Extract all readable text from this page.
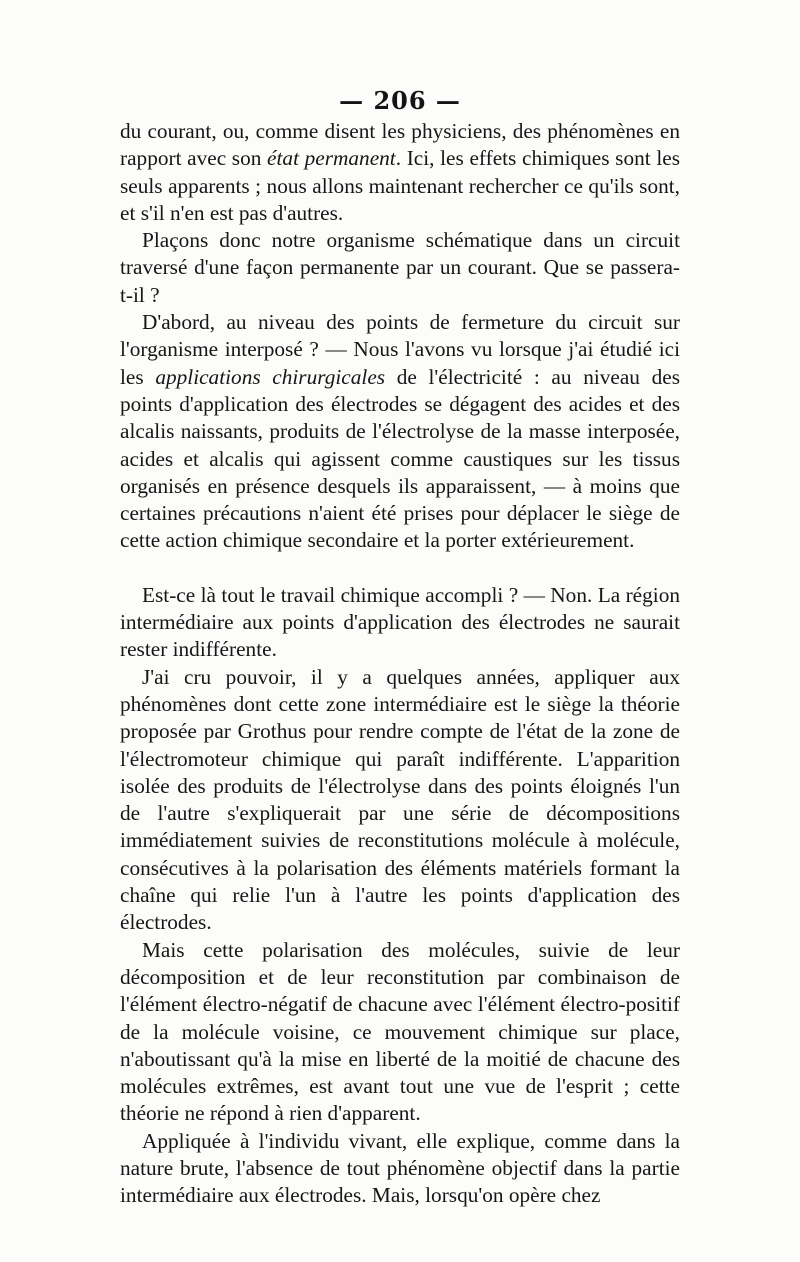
— 206 —

du courant, ou, comme disent les physiciens, des phénomènes en rapport avec son état permanent. Ici, les effets chimiques sont les seuls apparents ; nous allons maintenant rechercher ce qu'ils sont, et s'il n'en est pas d'autres.

Plaçons donc notre organisme schématique dans un circuit traversé d'une façon permanente par un courant. Que se passera-t-il ?

D'abord, au niveau des points de fermeture du circuit sur l'organisme interposé ? — Nous l'avons vu lorsque j'ai étudié ici les applications chirurgicales de l'électricité : au niveau des points d'application des électrodes se dégagent des acides et des alcalis naissants, produits de l'électrolyse de la masse interposée, acides et alcalis qui agissent comme caustiques sur les tissus organisés en présence desquels ils apparaissent, — à moins que certaines précautions n'aient été prises pour déplacer le siège de cette action chimique secondaire et la porter extérieurement.

Est-ce là tout le travail chimique accompli ? — Non. La région intermédiaire aux points d'application des électrodes ne saurait rester indifférente.

J'ai cru pouvoir, il y a quelques années, appliquer aux phénomènes dont cette zone intermédiaire est le siège la théorie proposée par Grothus pour rendre compte de l'état de la zone de l'électromoteur chimique qui paraît indifférente. L'apparition isolée des produits de l'électrolyse dans des points éloignés l'un de l'autre s'expliquerait par une série de décompositions immédiatement suivies de reconstitutions molécule à molécule, consécutives à la polarisation des éléments matériels formant la chaîne qui relie l'un à l'autre les points d'application des électrodes.

Mais cette polarisation des molécules, suivie de leur décomposition et de leur reconstitution par combinaison de l'élément électro-négatif de chacune avec l'élément électro-positif de la molécule voisine, ce mouvement chimique sur place, n'aboutissant qu'à la mise en liberté de la moitié de chacune des molécules extrêmes, est avant tout une vue de l'esprit ; cette théorie ne répond à rien d'apparent.

Appliquée à l'individu vivant, elle explique, comme dans la nature brute, l'absence de tout phénomène objectif dans la partie intermédiaire aux électrodes. Mais, lorsqu'on opère chez
